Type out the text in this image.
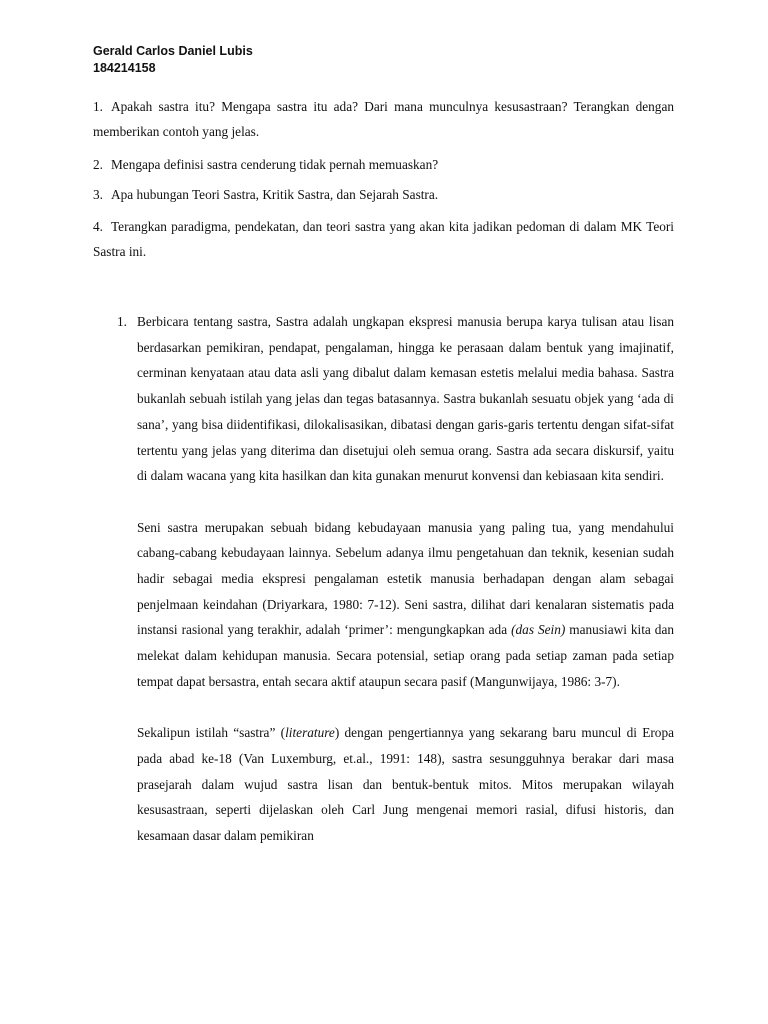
Gerald Carlos Daniel Lubis
184214158
1. Apakah sastra itu? Mengapa sastra itu ada? Dari mana munculnya kesusastraan? Terangkan dengan memberikan contoh yang jelas.
2. Mengapa definisi sastra cenderung tidak pernah memuaskan?
3. Apa hubungan Teori Sastra, Kritik Sastra, dan Sejarah Sastra.
4. Terangkan paradigma, pendekatan, dan teori sastra yang akan kita jadikan pedoman di dalam MK Teori Sastra ini.
1. Berbicara tentang sastra, Sastra adalah ungkapan ekspresi manusia berupa karya tulisan atau lisan berdasarkan pemikiran, pendapat, pengalaman, hingga ke perasaan dalam bentuk yang imajinatif, cerminan kenyataan atau data asli yang dibalut dalam kemasan estetis melalui media bahasa. Sastra bukanlah sebuah istilah yang jelas dan tegas batasannya. Sastra bukanlah sesuatu objek yang ‘ada di sana’, yang bisa diidentifikasi, dilokalisasikan, dibatasi dengan garis-garis tertentu dengan sifat-sifat tertentu yang jelas yang diterima dan disetujui oleh semua orang. Sastra ada secara diskursif, yaitu di dalam wacana yang kita hasilkan dan kita gunakan menurut konvensi dan kebiasaan kita sendiri.

Seni sastra merupakan sebuah bidang kebudayaan manusia yang paling tua, yang mendahului cabang-cabang kebudayaan lainnya. Sebelum adanya ilmu pengetahuan dan teknik, kesenian sudah hadir sebagai media ekspresi pengalaman estetik manusia berhadapan dengan alam sebagai penjelmaan keindahan (Driyarkara, 1980: 7-12). Seni sastra, dilihat dari kenalaran sistematis pada instansi rasional yang terakhir, adalah ‘primer’: mengungkapkan ada (das Sein) manusiawi kita dan melekat dalam kehidupan manusia. Secara potensial, setiap orang pada setiap zaman pada setiap tempat dapat bersastra, entah secara aktif ataupun secara pasif (Mangunwijaya, 1986: 3-7).

Sekalipun istilah “sastra” (literature) dengan pengertiannya yang sekarang baru muncul di Eropa pada abad ke-18 (Van Luxemburg, et.al., 1991: 148), sastra sesungguhnya berakar dari masa prasejarah dalam wujud sastra lisan dan bentuk-bentuk mitos. Mitos merupakan wilayah kesusastraan, seperti dijelaskan oleh Carl Jung mengenai memori rasial, difusi historis, dan kesamaan dasar dalam pemikiran
